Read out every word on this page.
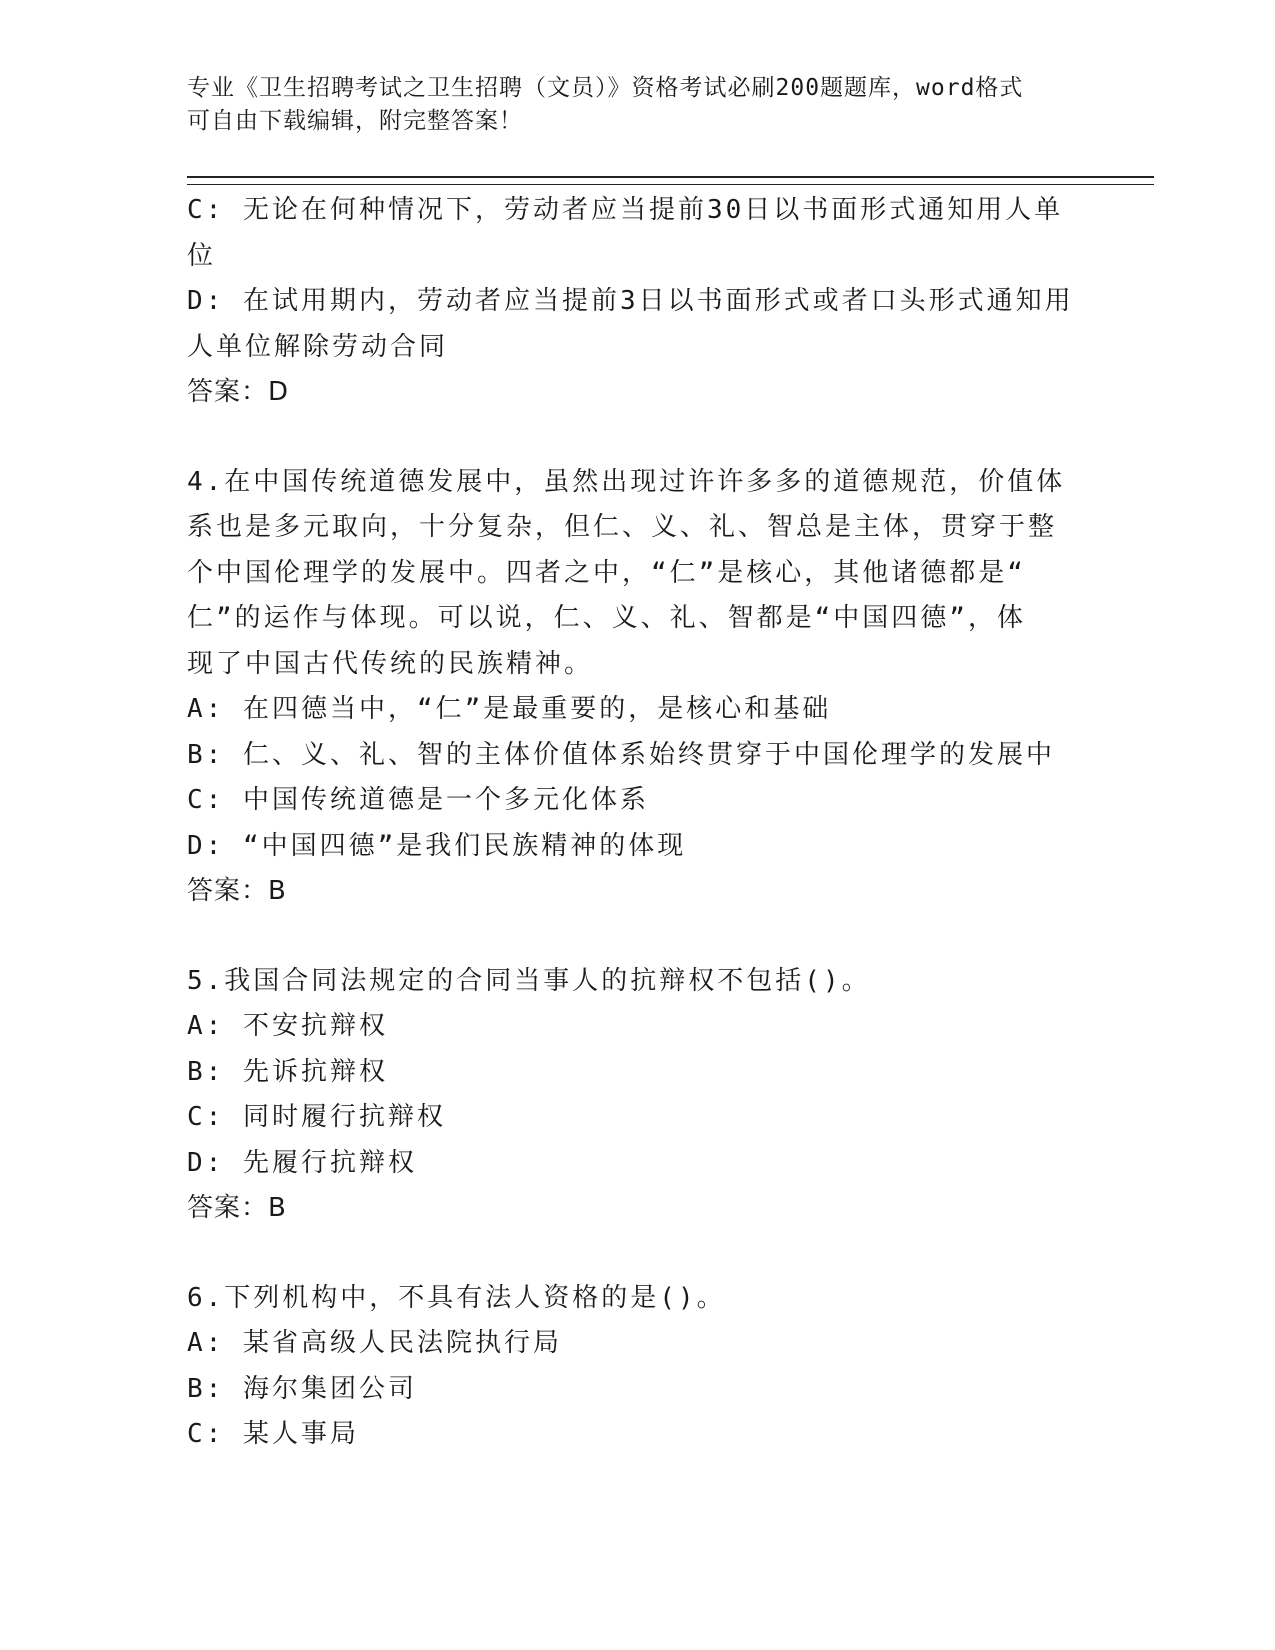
专业《卫生招聘考试之卫生招聘（文员）》资格考试必刷200题题库，word格式
可自由下载编辑，附完整答案！
C: 无论在何种情况下，劳动者应当提前30日以书面形式通知用人单
位
D: 在试用期内，劳动者应当提前3日以书面形式或者口头形式通知用
人单位解除劳动合同
答案：D
4.在中国传统道德发展中，虽然出现过许许多多的道德规范，价值体
系也是多元取向，十分复杂，但仁、义、礼、智总是主体，贯穿于整
个中国伦理学的发展中。四者之中，“仁”是核心，其他诸德都是“
仁”的运作与体现。可以说，仁、义、礼、智都是“中国四德”，体
现了中国古代传统的民族精神。
A: 在四德当中，“仁”是最重要的，是核心和基础
B: 仁、义、礼、智的主体价值体系始终贯穿于中国伦理学的发展中
C: 中国传统道德是一个多元化体系
D: “中国四德”是我们民族精神的体现
答案：B
5.我国合同法规定的合同当事人的抗辩权不包括()。
A: 不安抗辩权
B: 先诉抗辩权
C: 同时履行抗辩权
D: 先履行抗辩权
答案：B
6.下列机构中，不具有法人资格的是()。
A: 某省高级人民法院执行局
B: 海尔集团公司
C: 某人事局
